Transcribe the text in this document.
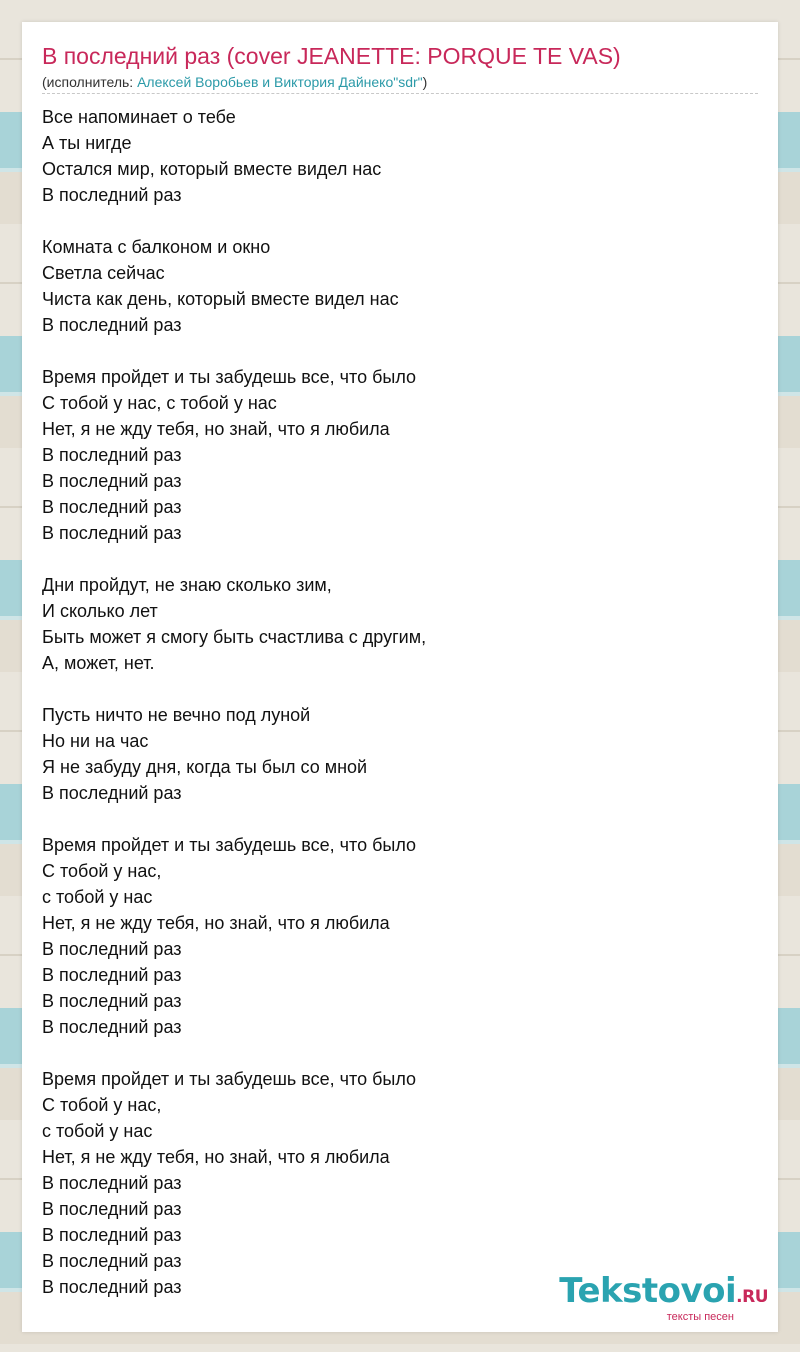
В последний раз (cover JEANETTE: PORQUE TE VAS)
(исполнитель: Алексей Воробьев и Виктория Дайнеко"sdr")
Все напоминает о тебе
А ты нигде
Остался мир, который вместе видел нас
В последний раз
Комната с балконом и окно
Светла сейчас
Чиста как день, который вместе видел нас
В последний раз
Время пройдет и ты забудешь все, что было
С тобой у нас, с тобой у нас
Нет, я не жду тебя, но знай, что я любила
В последний раз
В последний раз
В последний раз
В последний раз
Дни пройдут, не знаю сколько зим,
И сколько лет
Быть может я смогу быть счастлива с другим,
А, может, нет.
Пусть ничто не вечно под луной
Но ни на час
Я не забуду дня, когда ты был со мной
В последний раз
Время пройдет и ты забудешь все, что было
С тобой у нас,
с тобой у нас
Нет, я не жду тебя, но знай, что я любила
В последний раз
В последний раз
В последний раз
В последний раз
Время пройдет и ты забудешь все, что было
С тобой у нас,
с тобой у нас
Нет, я не жду тебя, но знай, что я любила
В последний раз
В последний раз
В последний раз
В последний раз
В последний раз	Tekstovoi.RU
тексты песен
